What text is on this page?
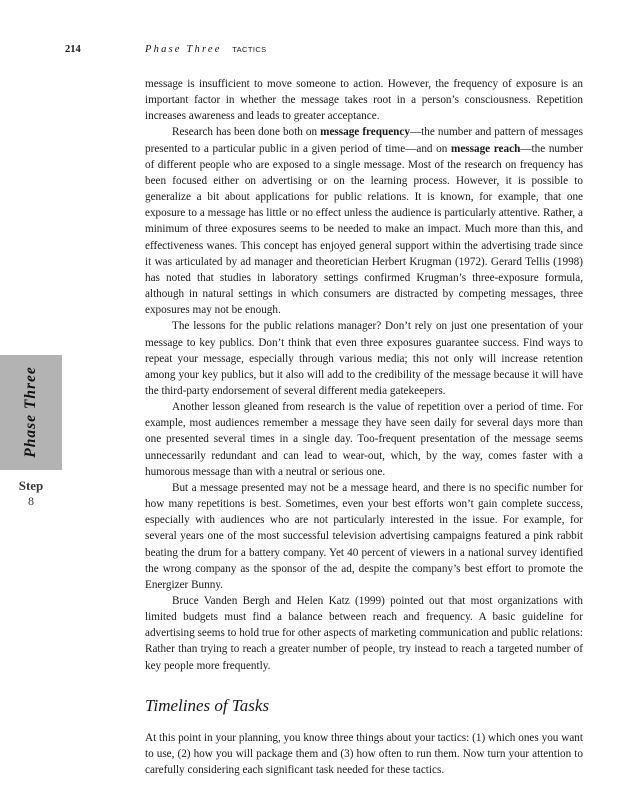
214	Phase Three TACTICS
Phase Three
Step
8

message is insufficient to move someone to action. However, the frequency of exposure is an important factor in whether the message takes root in a person’s consciousness. Repetition increases awareness and leads to greater acceptance.

Research has been done both on message frequency—the number and pattern of messages presented to a particular public in a given period of time—and on message reach—the number of different people who are exposed to a single message. Most of the research on frequency has been focused either on advertising or on the learning process. However, it is possible to generalize a bit about applications for public relations. It is known, for example, that one exposure to a message has little or no effect unless the audience is particularly attentive. Rather, a minimum of three exposures seems to be needed to make an impact. Much more than this, and effectiveness wanes. This concept has enjoyed general support within the advertising trade since it was articulated by ad manager and theoretician Herbert Krugman (1972). Gerard Tellis (1998) has noted that studies in laboratory settings confirmed Krugman’s three-exposure formula, although in natural settings in which consumers are distracted by competing messages, three exposures may not be enough.

The lessons for the public relations manager? Don’t rely on just one presentation of your message to key publics. Don’t think that even three exposures guarantee success. Find ways to repeat your message, especially through various media; this not only will increase retention among your key publics, but it also will add to the credibility of the message because it will have the third-party endorsement of several different media gatekeepers.

Another lesson gleaned from research is the value of repetition over a period of time. For example, most audiences remember a message they have seen daily for several days more than one presented several times in a single day. Too-frequent presentation of the message seems unnecessarily redundant and can lead to wear-out, which, by the way, comes faster with a humorous message than with a neutral or serious one.

But a message presented may not be a message heard, and there is no specific number for how many repetitions is best. Sometimes, even your best efforts won’t gain complete success, especially with audiences who are not particularly interested in the issue. For example, for several years one of the most successful television advertising campaigns featured a pink rabbit beating the drum for a battery company. Yet 40 percent of viewers in a national survey identified the wrong company as the sponsor of the ad, despite the company’s best effort to promote the Energizer Bunny.

Bruce Vanden Bergh and Helen Katz (1999) pointed out that most organizations with limited budgets must find a balance between reach and frequency. A basic guideline for advertising seems to hold true for other aspects of marketing communication and public relations: Rather than trying to reach a greater number of people, try instead to reach a targeted number of key people more frequently.

Timelines of Tasks

At this point in your planning, you know three things about your tactics: (1) which ones you want to use, (2) how you will package them and (3) how often to run them. Now turn your attention to carefully considering each significant task needed for these tactics.
